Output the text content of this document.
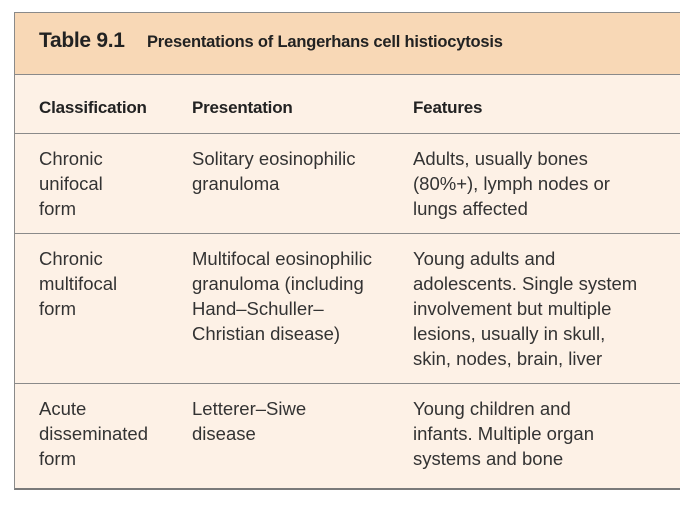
Table 9.1 Presentations of Langerhans cell histiocytosis
Classification	Presentation	Features
Chronic
unifocal
form
Solitary eosinophilic
granuloma
Adults, usually bones
(80%+), lymph nodes or
lungs affected
Chronic
multifocal
form
Multifocal eosinophilic
granuloma (including
Hand–Schuller–
Christian disease)
Young adults and
adolescents. Single system
involvement but multiple
lesions, usually in skull,
skin, nodes, brain, liver
Acute
disseminated
form
Letterer–Siwe
disease
Young children and
infants. Multiple organ
systems and bone
